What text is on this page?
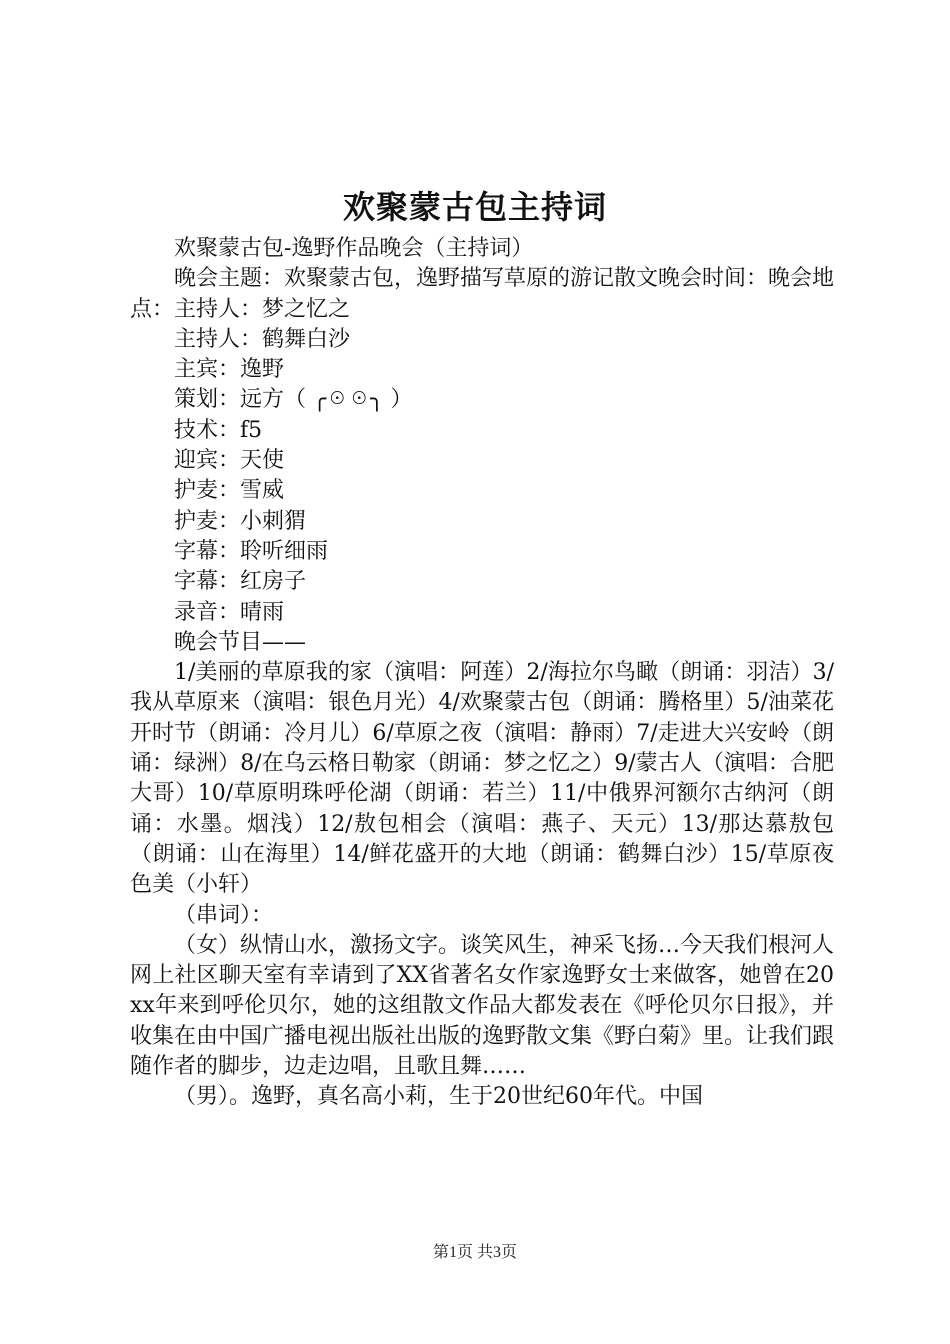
欢聚蒙古包主持词

欢聚蒙古包-逸野作品晚会（主持词）

晚会主题：欢聚蒙古包，逸野描写草原的游记散文晚会时间：晚会地点：主持人：梦之忆之

主持人：鹤舞白沙

主宾：逸野

策划：远方（ ╭☉☉╮ ）

技术：f5

迎宾：天使

护麦：雪威

护麦：小刺猬

字幕：聆听细雨

字幕：红房子

录音：晴雨

晚会节目——

1/美丽的草原我的家（演唱：阿莲）2/海拉尔鸟瞰（朗诵：羽洁）3/我从草原来（演唱：银色月光）4/欢聚蒙古包（朗诵：腾格里）5/油菜花开时节（朗诵：冷月儿）6/草原之夜（演唱：静雨）7/走进大兴安岭（朗诵：绿洲）8/在乌云格日勒家（朗诵：梦之忆之）9/蒙古人（演唱：合肥大哥）10/草原明珠呼伦湖（朗诵：若兰）11/中俄界河额尔古纳河（朗诵：水墨。烟浅）12/敖包相会（演唱：燕子、天元）13/那达慕敖包（朗诵：山在海里）14/鲜花盛开的大地（朗诵：鹤舞白沙）15/草原夜色美（小轩）

（串词）：

（女）纵情山水，激扬文字。谈笑风生，神采飞扬…今天我们根河人网上社区聊天室有幸请到了XX省著名女作家逸野女士来做客，她曾在20xx年来到呼伦贝尔，她的这组散文作品大都发表在《呼伦贝尔日报》，并收集在由中国广播电视出版社出版的逸野散文集《野白菊》里。让我们跟随作者的脚步，边走边唱，且歌且舞……

（男）。逸野，真名高小莉，生于20世纪60年代。中国

第1页 共3页
